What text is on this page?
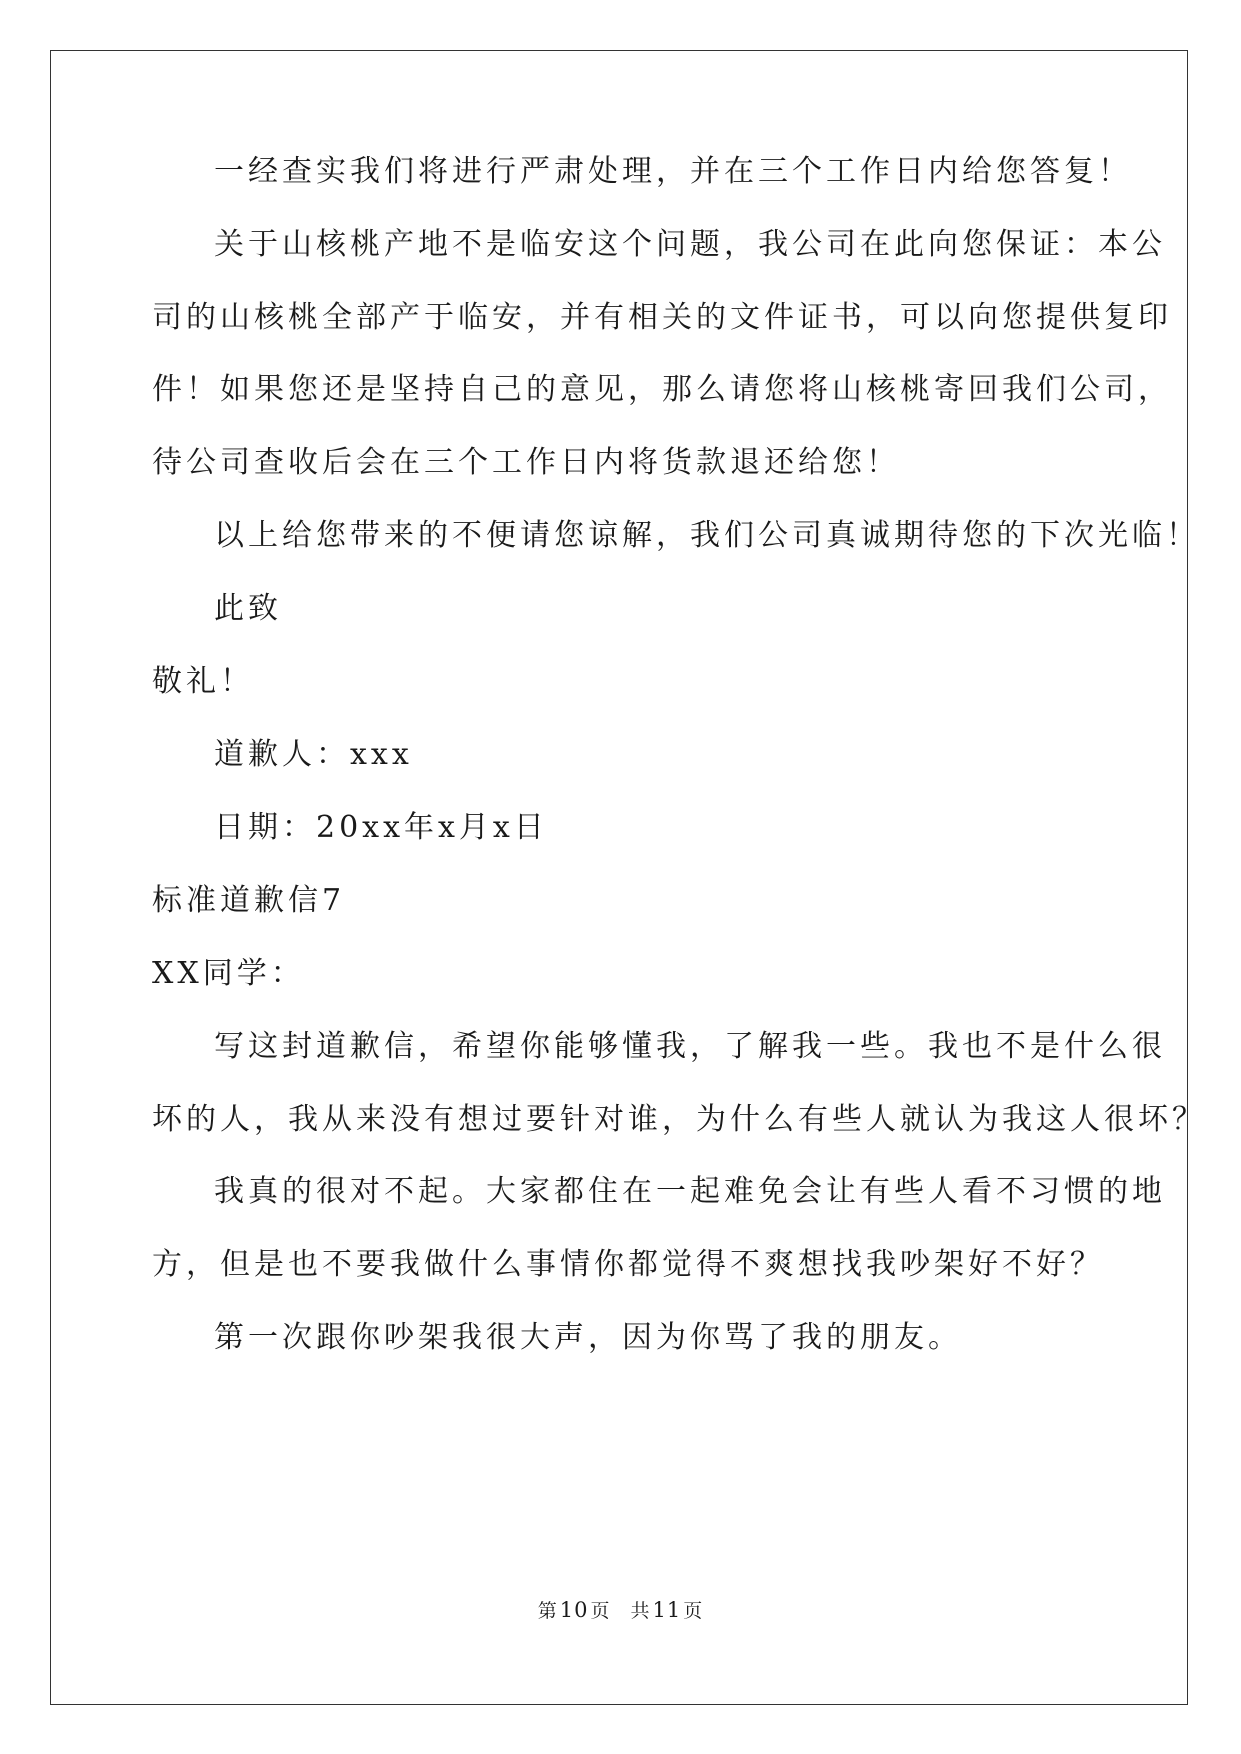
一经查实我们将进行严肃处理，并在三个工作日内给您答复！
关于山核桃产地不是临安这个问题，我公司在此向您保证：本公
司的山核桃全部产于临安，并有相关的文件证书，可以向您提供复印
件！如果您还是坚持自己的意见，那么请您将山核桃寄回我们公司，
待公司查收后会在三个工作日内将货款退还给您！
以上给您带来的不便请您谅解，我们公司真诚期待您的下次光临！
此致
敬礼！
道歉人：xxx
日期：20xx年x月x日
标准道歉信7
XX同学：
写这封道歉信，希望你能够懂我，了解我一些。我也不是什么很
坏的人，我从来没有想过要针对谁，为什么有些人就认为我这人很坏？
我真的很对不起。大家都住在一起难免会让有些人看不习惯的地
方，但是也不要我做什么事情你都觉得不爽想找我吵架好不好？
第一次跟你吵架我很大声，因为你骂了我的朋友。
第10 页 共11 页
